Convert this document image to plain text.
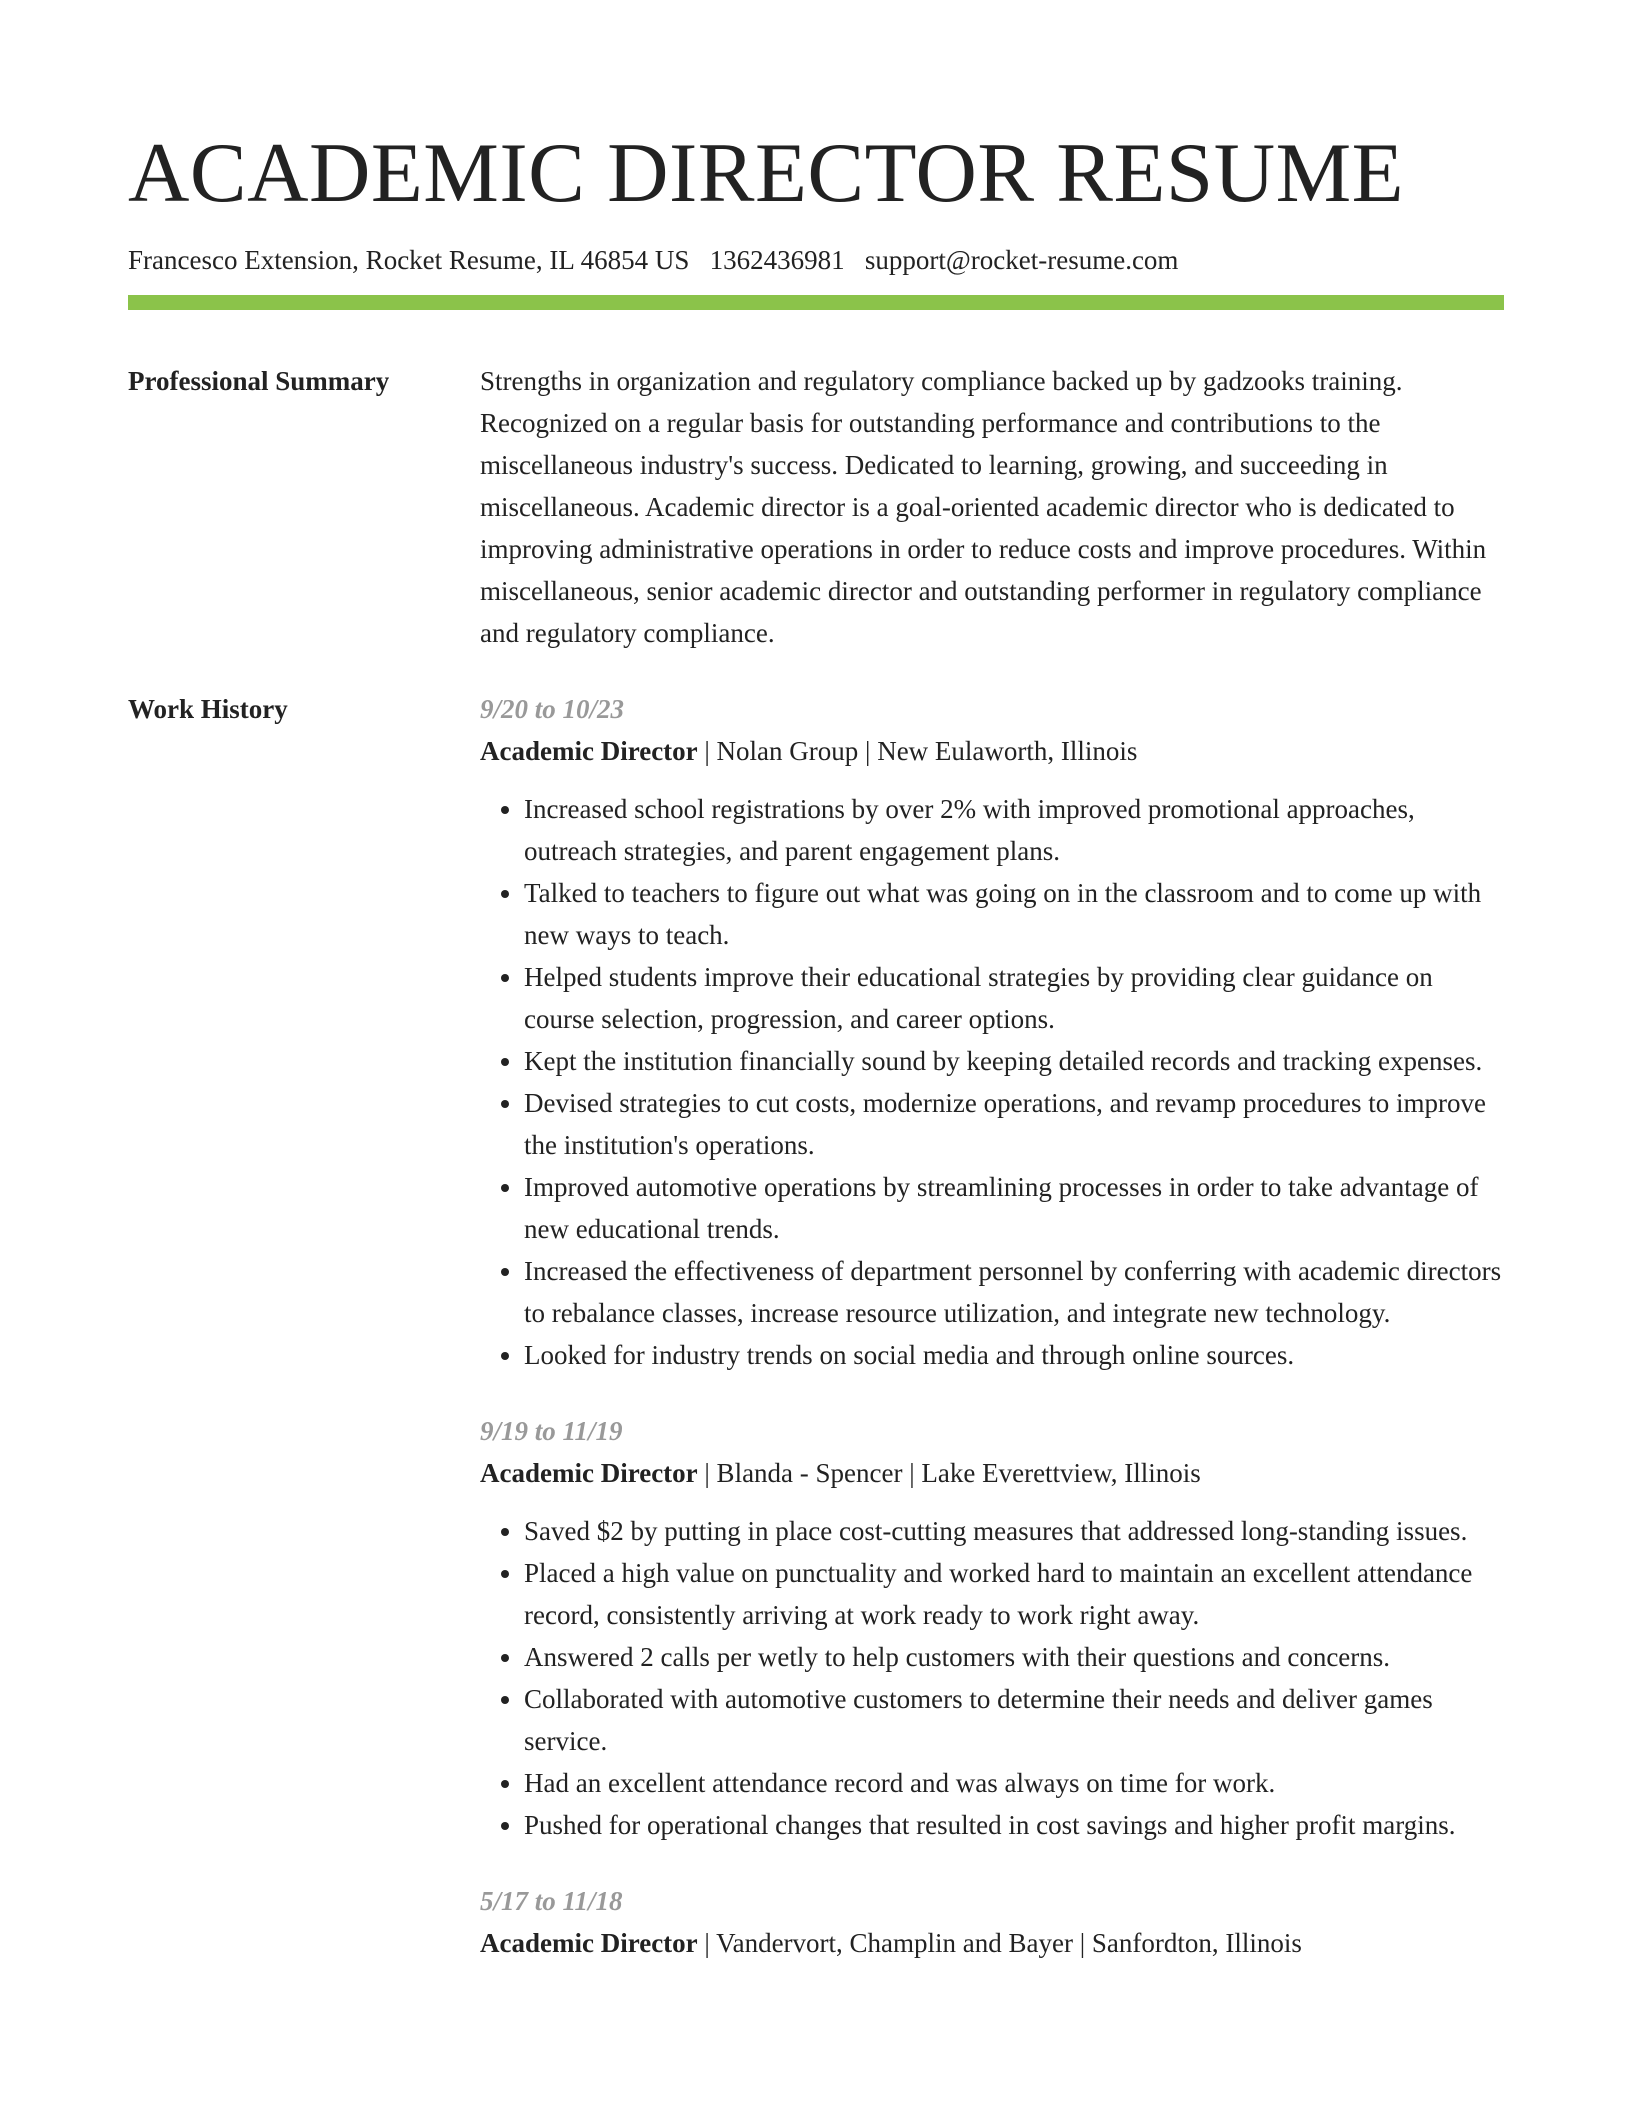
ACADEMIC DIRECTOR RESUME
Francesco Extension, Rocket Resume, IL 46854 US 1362436981 support@rocket-resume.com
Professional Summary	Strengths in organization and regulatory compliance backed up by gadzooks training. Recognized on a regular basis for outstanding performance and contributions to the miscellaneous industry's success. Dedicated to learning, growing, and succeeding in miscellaneous. Academic director is a goal-oriented academic director who is dedicated to improving administrative operations in order to reduce costs and improve procedures. Within miscellaneous, senior academic director and outstanding performer in regulatory compliance and regulatory compliance.

Work History	9/20 to 10/23
Academic Director | Nolan Group | New Eulaworth, Illinois
• Increased school registrations by over 2% with improved promotional approaches, outreach strategies, and parent engagement plans.
• Talked to teachers to figure out what was going on in the classroom and to come up with new ways to teach.
• Helped students improve their educational strategies by providing clear guidance on course selection, progression, and career options.
• Kept the institution financially sound by keeping detailed records and tracking expenses.
• Devised strategies to cut costs, modernize operations, and revamp procedures to improve the institution's operations.
• Improved automotive operations by streamlining processes in order to take advantage of new educational trends.
• Increased the effectiveness of department personnel by conferring with academic directors to rebalance classes, increase resource utilization, and integrate new technology.
• Looked for industry trends on social media and through online sources.
9/19 to 11/19
Academic Director | Blanda - Spencer | Lake Everettview, Illinois
• Saved $2 by putting in place cost-cutting measures that addressed long-standing issues.
• Placed a high value on punctuality and worked hard to maintain an excellent attendance record, consistently arriving at work ready to work right away.
• Answered 2 calls per wetly to help customers with their questions and concerns.
• Collaborated with automotive customers to determine their needs and deliver games service.
• Had an excellent attendance record and was always on time for work.
• Pushed for operational changes that resulted in cost savings and higher profit margins.
5/17 to 11/18
Academic Director | Vandervort, Champlin and Bayer | Sanfordton, Illinois
